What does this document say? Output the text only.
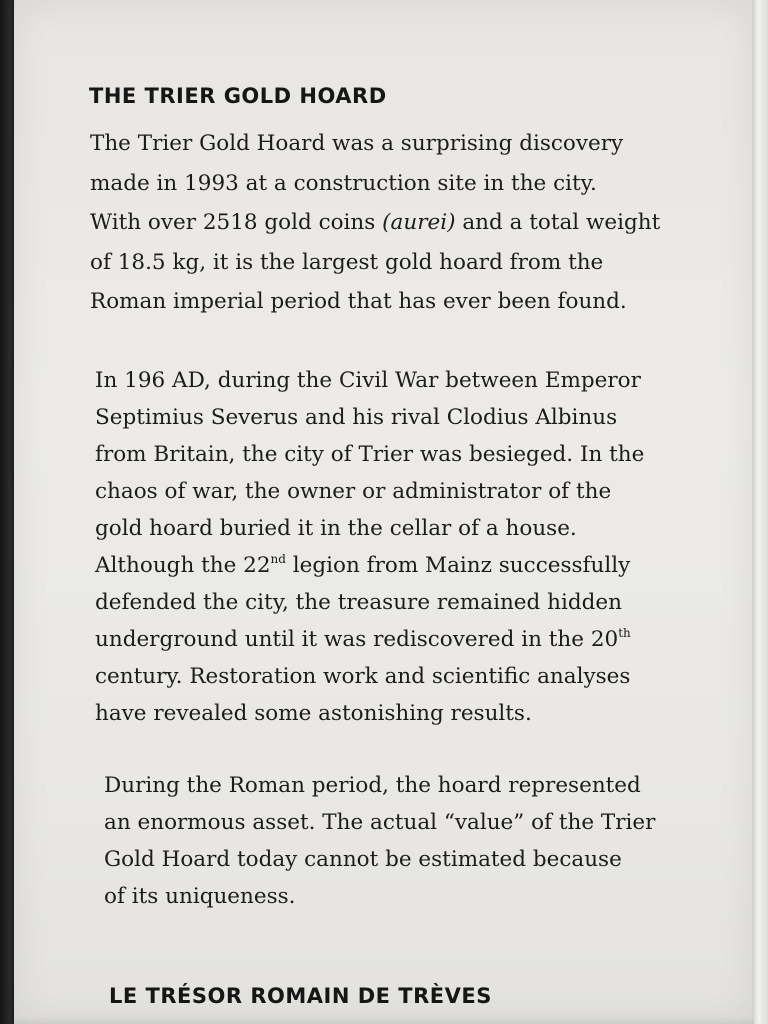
THE TRIER GOLD HOARD
The Trier Gold Hoard was a surprising discovery
made in 1993 at a construction site in the city.
With over 2518 gold coins (aurei) and a total weight
of 18.5 kg, it is the largest gold hoard from the
Roman imperial period that has ever been found.
In 196 AD, during the Civil War between Emperor
Septimius Severus and his rival Clodius Albinus
from Britain, the city of Trier was besieged. In the
chaos of war, the owner or administrator of the
gold hoard buried it in the cellar of a house.
Although the 22nd legion from Mainz successfully
defended the city, the treasure remained hidden
underground until it was rediscovered in the 20th
century. Restoration work and scientific analyses
have revealed some astonishing results.
During the Roman period, the hoard represented
an enormous asset. The actual “value” of the Trier
Gold Hoard today cannot be estimated because
of its uniqueness.
LE TRÉSOR ROMAIN DE TRÈVES
